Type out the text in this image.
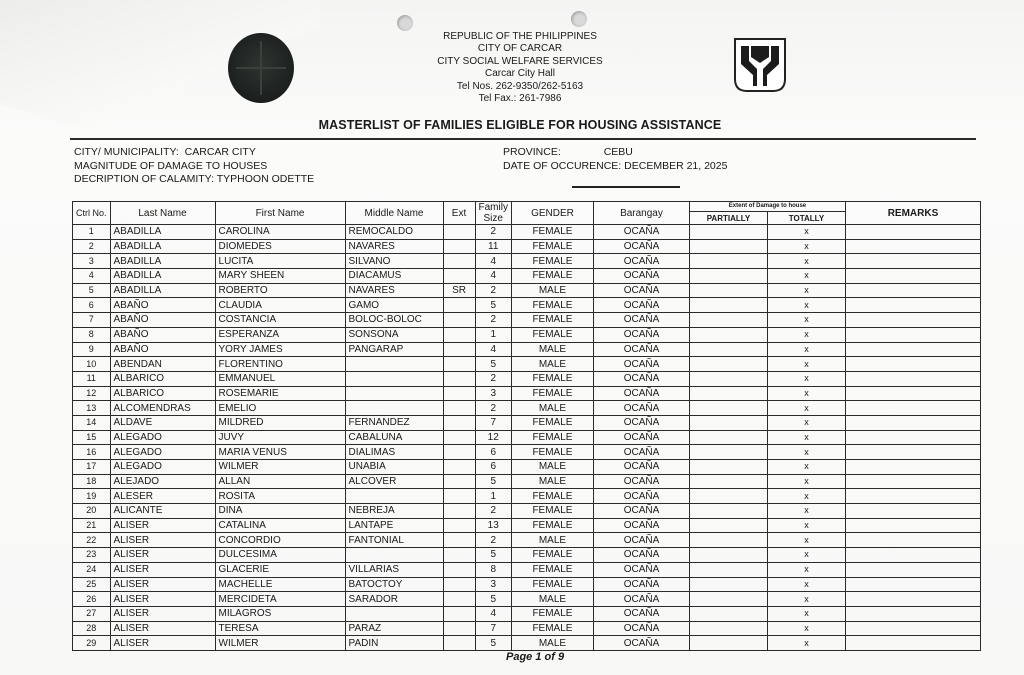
REPUBLIC OF THE PHILIPPINES
CITY OF CARCAR
CITY SOCIAL WELFARE SERVICES
Carcar City Hall
Tel Nos. 262-9350/262-5163
Tel Fax.: 261-7986
MASTERLIST OF FAMILIES ELIGIBLE FOR HOUSING ASSISTANCE
CITY/ MUNICIPALITY: CARCAR CITY
MAGNITUDE OF DAMAGE TO HOUSES
DECRIPTION OF CALAMITY: TYPHOON ODETTE
PROVINCE:	CEBU
DATE OF OCCURENCE: DECEMBER 21, 2025
Ctrl No.	Last Name	First Name	Middle Name	Ext	Family Size	GENDER	Barangay	Extent of Damage to house		REMARKS
								PARTIALLY	TOTALLY	
1	ABADILLA	CAROLINA	REMOCALDO		2	FEMALE	OCAÑA		x	
2	ABADILLA	DIOMEDES	NAVARES		11	FEMALE	OCAÑA		x	
3	ABADILLA	LUCITA	SILVANO		4	FEMALE	OCAÑA		x	
4	ABADILLA	MARY SHEEN	DIACAMUS		4	FEMALE	OCAÑA		x	
5	ABADILLA	ROBERTO	NAVARES	SR	2	MALE	OCAÑA		x	
6	ABAÑO	CLAUDIA	GAMO		5	FEMALE	OCAÑA		x	
7	ABAÑO	COSTANCIA	BOLOC-BOLOC		2	FEMALE	OCAÑA		x	
8	ABAÑO	ESPERANZA	SONSONA		1	FEMALE	OCAÑA		x	
9	ABAÑO	YORY JAMES	PANGARAP		4	MALE	OCAÑA		x	
10	ABENDAN	FLORENTINO			5	MALE	OCAÑA		x	
11	ALBARICO	EMMANUEL			2	FEMALE	OCAÑA		x	
12	ALBARICO	ROSEMARIE			3	FEMALE	OCAÑA		x	
13	ALCOMENDRAS	EMELIO			2	MALE	OCAÑA		x	
14	ALDAVE	MILDRED	FERNANDEZ		7	FEMALE	OCAÑA		x	
15	ALEGADO	JUVY	CABALUNA		12	FEMALE	OCAÑA		x	
16	ALEGADO	MARIA VENUS	DIALIMAS		6	FEMALE	OCAÑA		x	
17	ALEGADO	WILMER	UNABIA		6	MALE	OCAÑA		x	
18	ALEJADO	ALLAN	ALCOVER		5	MALE	OCAÑA		x	
19	ALESER	ROSITA			1	FEMALE	OCAÑA		x	
20	ALICANTE	DINA	NEBREJA		2	FEMALE	OCAÑA		x	
21	ALISER	CATALINA	LANTAPE		13	FEMALE	OCAÑA		x	
22	ALISER	CONCORDIO	FANTONIAL		2	MALE	OCAÑA		x	
23	ALISER	DULCESIMA			5	FEMALE	OCAÑA		x	
24	ALISER	GLACERIE	VILLARIAS		8	FEMALE	OCAÑA		x	
25	ALISER	MACHELLE	BATOCTOY		3	FEMALE	OCAÑA		x	
26	ALISER	MERCIDETA	SARADOR		5	MALE	OCAÑA		x	
27	ALISER	MILAGROS			4	FEMALE	OCAÑA		x	
28	ALISER	TERESA	PARAZ		7	FEMALE	OCAÑA		x	
29	ALISER	WILMER	PADIN		5	MALE	OCAÑA		x	
Page 1 of 9
